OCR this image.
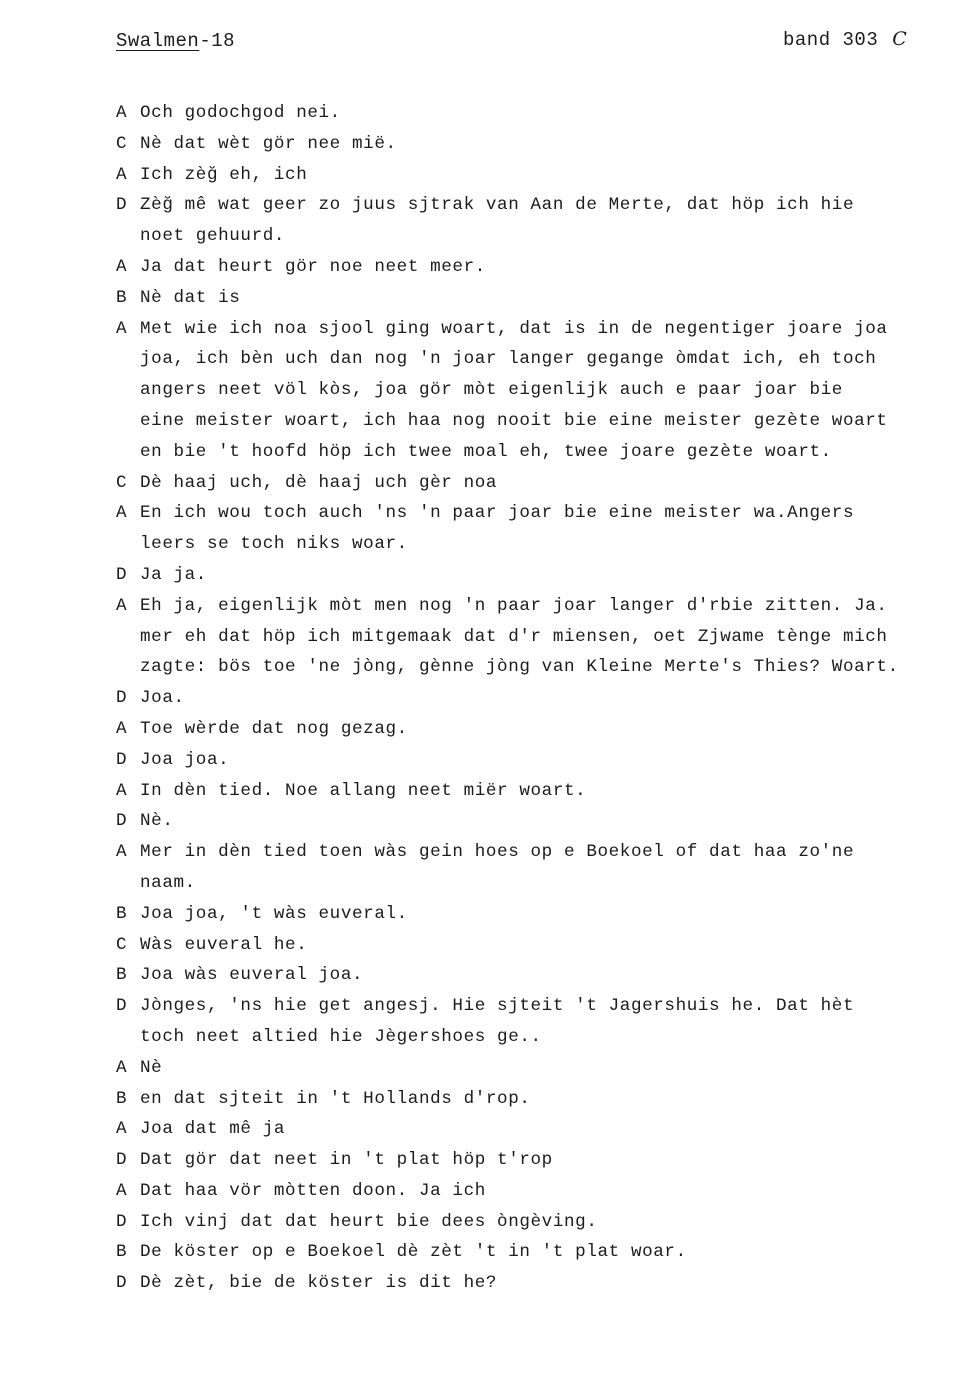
Swalmen-18	band 303 C
A Och godochgod nei.
C Nè dat wèt gör nee mië.
A Ich zèğ eh, ich
D Zèğ mê wat geer zo juus sjtrak van Aan de Merte, dat höp ich hie
noet gehuurd.
A Ja dat heurt gör noe neet meer.
B Nè dat is
A Met wie ich noa sjool ging woart, dat is in de negentiger joare joa
joa, ich bèn uch dan nog 'n joar langer gegange òmdat ich, eh toch
angers neet völ kòs, joa gör mòt eigenlijk auch e paar joar bie
eine meister woart, ich haa nog nooit bie eine meister gezète woart
en bie 't hoofd höp ich twee moal eh, twee joare gezète woart.
C Dè haaj uch, dè haaj uch gèr noa
A En ich wou toch auch 'ns 'n paar joar bie eine meister wa.Angers
leers se toch niks woar.
D Ja ja.
A Eh ja, eigenlijk mòt men nog 'n paar joar langer d'rbie zitten. Ja.
mer eh dat höp ich mitgemaak dat d'r miensen, oet Zjwame tènge mich
zagte: bös toe 'ne jòng, gènne jòng van Kleine Merte's Thies? Woart.
D Joa.
A Toe wèrde dat nog gezag.
D Joa joa.
A In dèn tied. Noe allang neet miër woart.
D Nè.
A Mer in dèn tied toen wàs gein hoes op e Boekoel of dat haa zo'ne
naam.
B Joa joa, 't wàs euveral.
C Wàs euveral he.
B Joa wàs euveral joa.
D Jònges, 'ns hie get angesj. Hie sjteit 't Jagershuis he. Dat hèt
toch neet altied hie Jègershoes ge..
A Nè
B en dat sjteit in 't Hollands d'rop.
A Joa dat mê ja
D Dat gör dat neet in 't plat höp t'rop
A Dat haa vör mòtten doon. Ja ich
D Ich vinj dat dat heurt bie dees òngèving.
B De köster op e Boekoel dè zèt 't in 't plat woar.
D Dè zèt, bie de köster is dit he?
